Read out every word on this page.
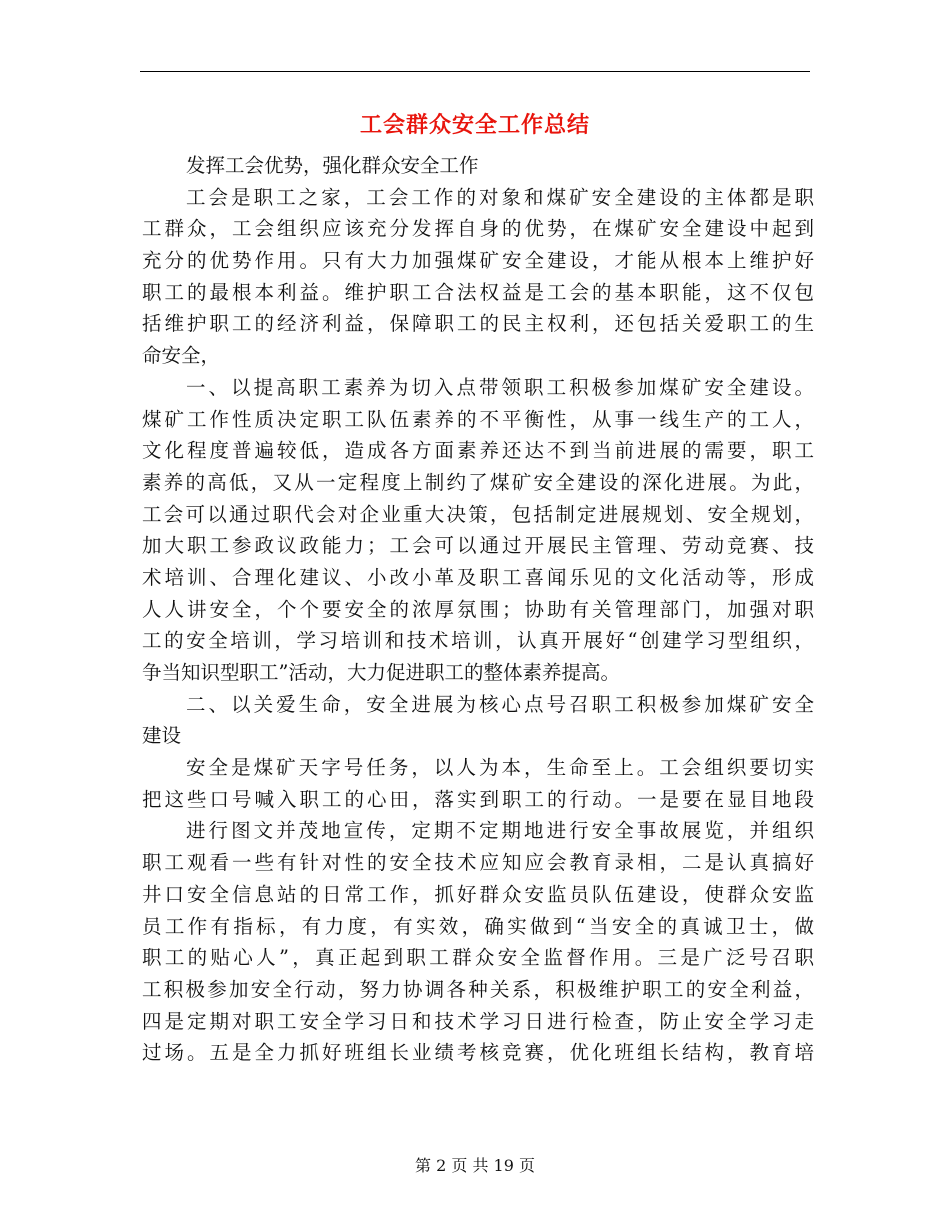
工会群众安全工作总结
发挥工会优势，强化群众安全工作
工会是职工之家，工会工作的对象和煤矿安全建设的主体都是职
工群众，工会组织应该充分发挥自身的优势，在煤矿安全建设中起到
充分的优势作用。只有大力加强煤矿安全建设，才能从根本上维护好
职工的最根本利益。维护职工合法权益是工会的基本职能，这不仅包
括维护职工的经济利益，保障职工的民主权利，还包括关爱职工的生
命安全，
一、以提高职工素养为切入点带领职工积极参加煤矿安全建设。
煤矿工作性质决定职工队伍素养的不平衡性，从事一线生产的工人，
文化程度普遍较低，造成各方面素养还达不到当前进展的需要，职工
素养的高低，又从一定程度上制约了煤矿安全建设的深化进展。为此，
工会可以通过职代会对企业重大决策，包括制定进展规划、安全规划，
加大职工参政议政能力；工会可以通过开展民主管理、劳动竞赛、技
术培训、合理化建议、小改小革及职工喜闻乐见的文化活动等，形成
人人讲安全，个个要安全的浓厚氛围；协助有关管理部门，加强对职
工的安全培训，学习培训和技术培训，认真开展好“创建学习型组织，
争当知识型职工”活动，大力促进职工的整体素养提高。
二、以关爱生命，安全进展为核心点号召职工积极参加煤矿安全
建设
安全是煤矿天字号任务，以人为本，生命至上。工会组织要切实
把这些口号喊入职工的心田，落实到职工的行动。一是要在显目地段
进行图文并茂地宣传，定期不定期地进行安全事故展览，并组织
职工观看一些有针对性的安全技术应知应会教育录相，二是认真搞好
井口安全信息站的日常工作，抓好群众安监员队伍建设，使群众安监
员工作有指标，有力度，有实效，确实做到“当安全的真诚卫士，做
职工的贴心人”，真正起到职工群众安全监督作用。三是广泛号召职
工积极参加安全行动，努力协调各种关系，积极维护职工的安全利益，
四是定期对职工安全学习日和技术学习日进行检查，防止安全学习走
过场。五是全力抓好班组长业绩考核竞赛，优化班组长结构，教育培
第 2 页 共 19 页
